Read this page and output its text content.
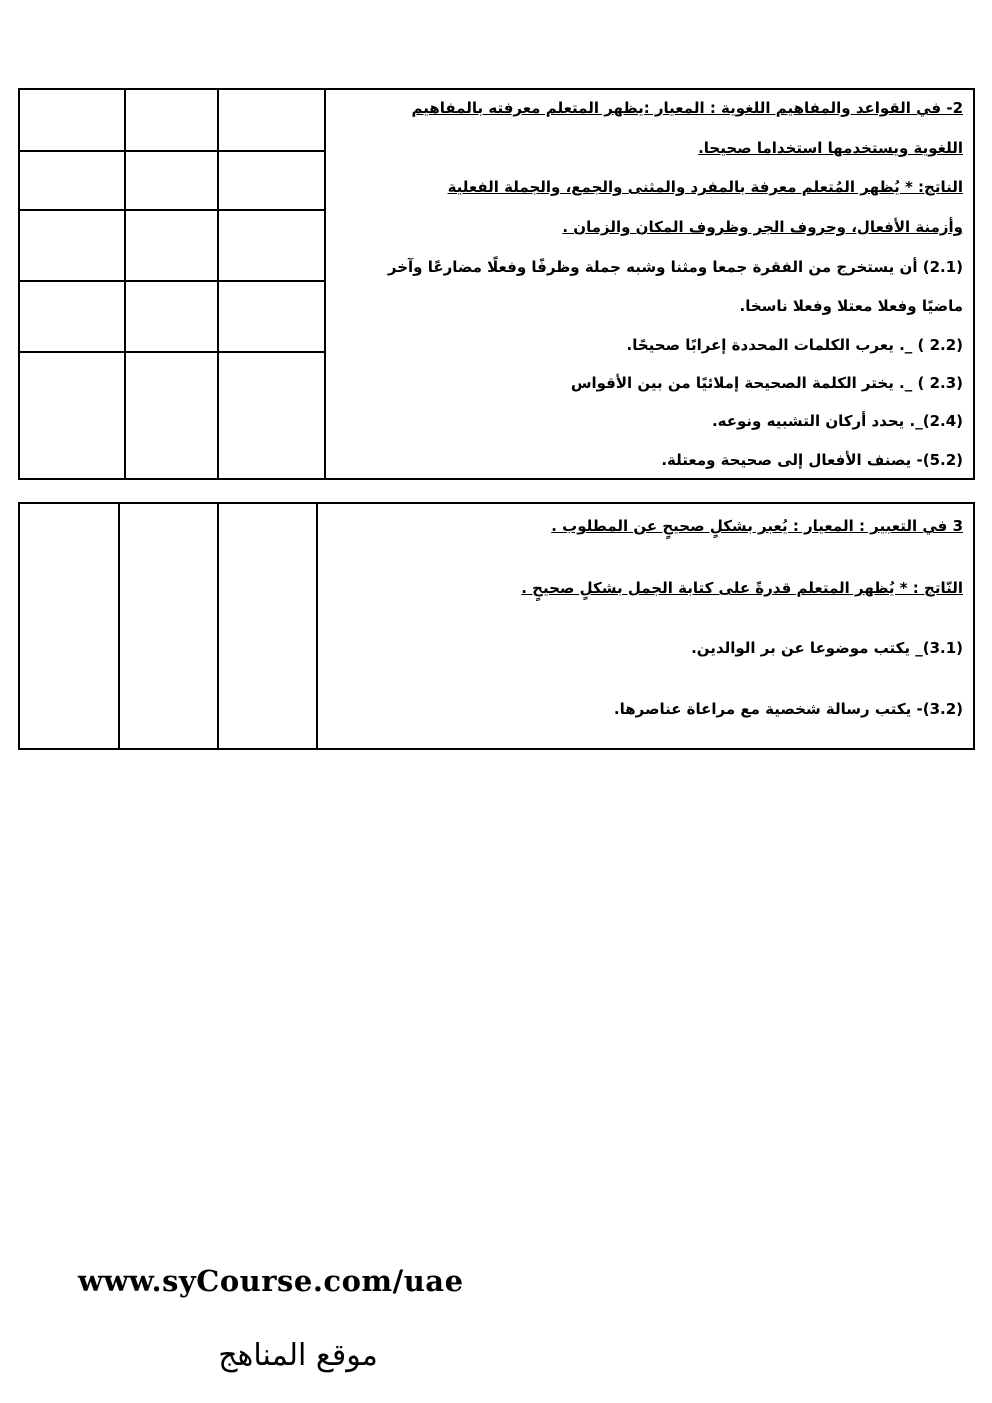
2- في القواعد والمفاهيم اللغوية : المعيار :يظهر المتعلم معرفته بالمفاهيم

اللغوية ويستخدمها استخداما صحيحا.

الناتج: * يُظهر المُتعلم معرفة بالمفرد والمثنى والجمع، والجملة الفعلية

وأزمنة الأفعال، وحروف الجر وظروف المكان والزمان .

(2.1) أن يستخرج من الفقرة جمعا ومثنا وشبه جملة وظرفًا وفعلًا مضارعًا وآخر

ماضيًا وفعلا معتلا وفعلا ناسخا.

(2.2 ) _. يعرب الكلمات المحددة إعرابًا صحيحًا.

(2.3 ) _. يختر الكلمة الصحيحة إملائيًا من بين الأقواس

(2.4)_. يحدد أركان التشبيه ونوعه.

(5.2)- يصنف الأفعال إلى صحيحة ومعتلة.

3 في التعبير : المعيار : يُعبر بشكلٍ صحيحٍ عن المطلوب .

النّاتج : * يُظهر المتعلم قدرةً على كتابة الجمل بشكلٍ صحيحٍ .

(3.1)_ يكتب موضوعا عن بر الوالدين.

(3.2)- يكتب رسالة شخصية مع مراعاة عناصرها.

www.syCourse.com/uae
موقع المناهج
